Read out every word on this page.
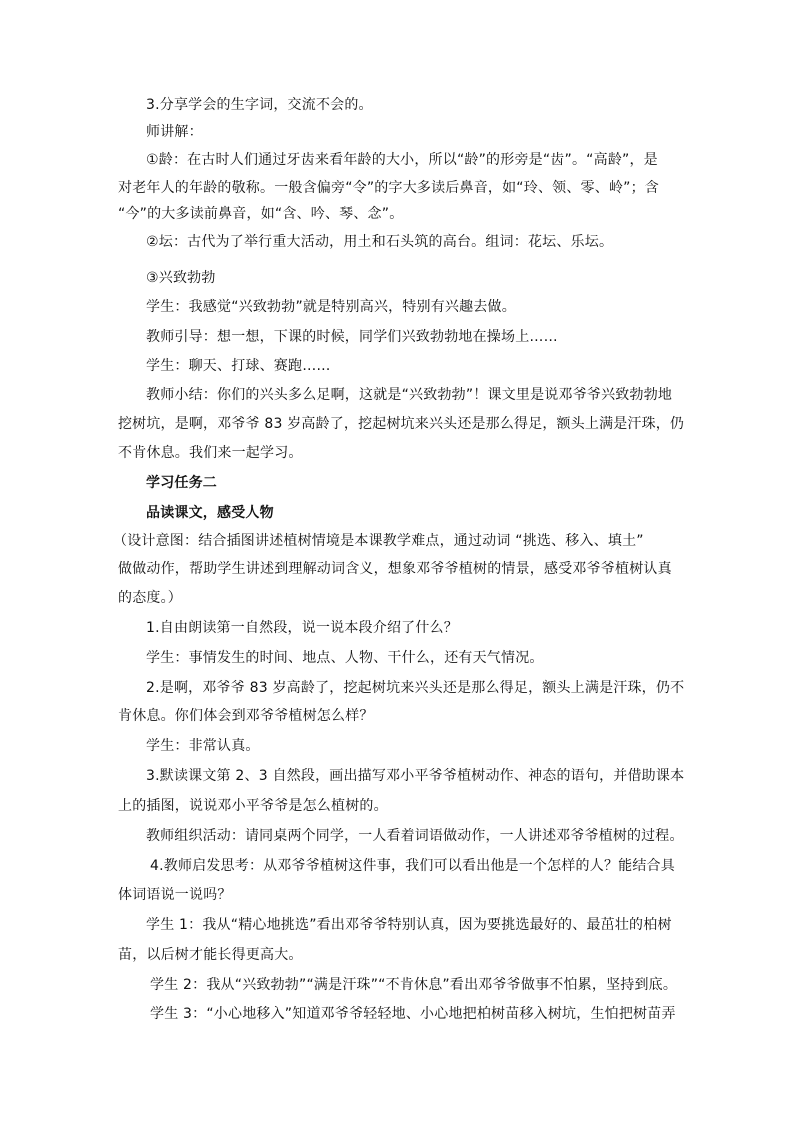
3.分享学会的生字词，交流不会的。
师讲解：
①龄：在古时人们通过牙齿来看年龄的大小，所以“龄”的形旁是“齿”。“高龄”，是
对老年人的年龄的敬称。一般含偏旁“令”的字大多读后鼻音，如“玲、领、零、岭”；含
“今”的大多读前鼻音，如“含、吟、琴、念”。
②坛：古代为了举行重大活动，用土和石头筑的高台。组词：花坛、乐坛。
③兴致勃勃
学生：我感觉“兴致勃勃”就是特别高兴，特别有兴趣去做。
教师引导：想一想，下课的时候，同学们兴致勃勃地在操场上……
学生：聊天、打球、赛跑……
教师小结：你们的兴头多么足啊，这就是“兴致勃勃”！课文里是说邓爷爷兴致勃勃地
挖树坑，是啊，邓爷爷 83 岁高龄了，挖起树坑来兴头还是那么得足，额头上满是汗珠，仍
不肯休息。我们来一起学习。
学习任务二
品读课文，感受人物
（设计意图：结合插图讲述植树情境是本课教学难点，通过动词 “挑选、移入、填土”
做做动作，帮助学生讲述到理解动词含义，想象邓爷爷植树的情景，感受邓爷爷植树认真
的态度。）
1.自由朗读第一自然段，说一说本段介绍了什么？
学生：事情发生的时间、地点、人物、干什么，还有天气情况。
2.是啊，邓爷爷 83 岁高龄了，挖起树坑来兴头还是那么得足，额头上满是汗珠，仍不
肯休息。你们体会到邓爷爷植树怎么样？
学生：非常认真。
3.默读课文第 2、3 自然段，画出描写邓小平爷爷植树动作、神态的语句，并借助课本
上的插图，说说邓小平爷爷是怎么植树的。
教师组织活动：请同桌两个同学，一人看着词语做动作，一人讲述邓爷爷植树的过程。
4.教师启发思考：从邓爷爷植树这件事，我们可以看出他是一个怎样的人？能结合具
体词语说一说吗？
学生 1：我从“精心地挑选”看出邓爷爷特别认真，因为要挑选最好的、最茁壮的柏树
苗，以后树才能长得更高大。
学生 2：我从“兴致勃勃”“满是汗珠”“不肯休息”看出邓爷爷做事不怕累，坚持到底。
学生 3：“小心地移入”知道邓爷爷轻轻地、小心地把柏树苗移入树坑，生怕把树苗弄
